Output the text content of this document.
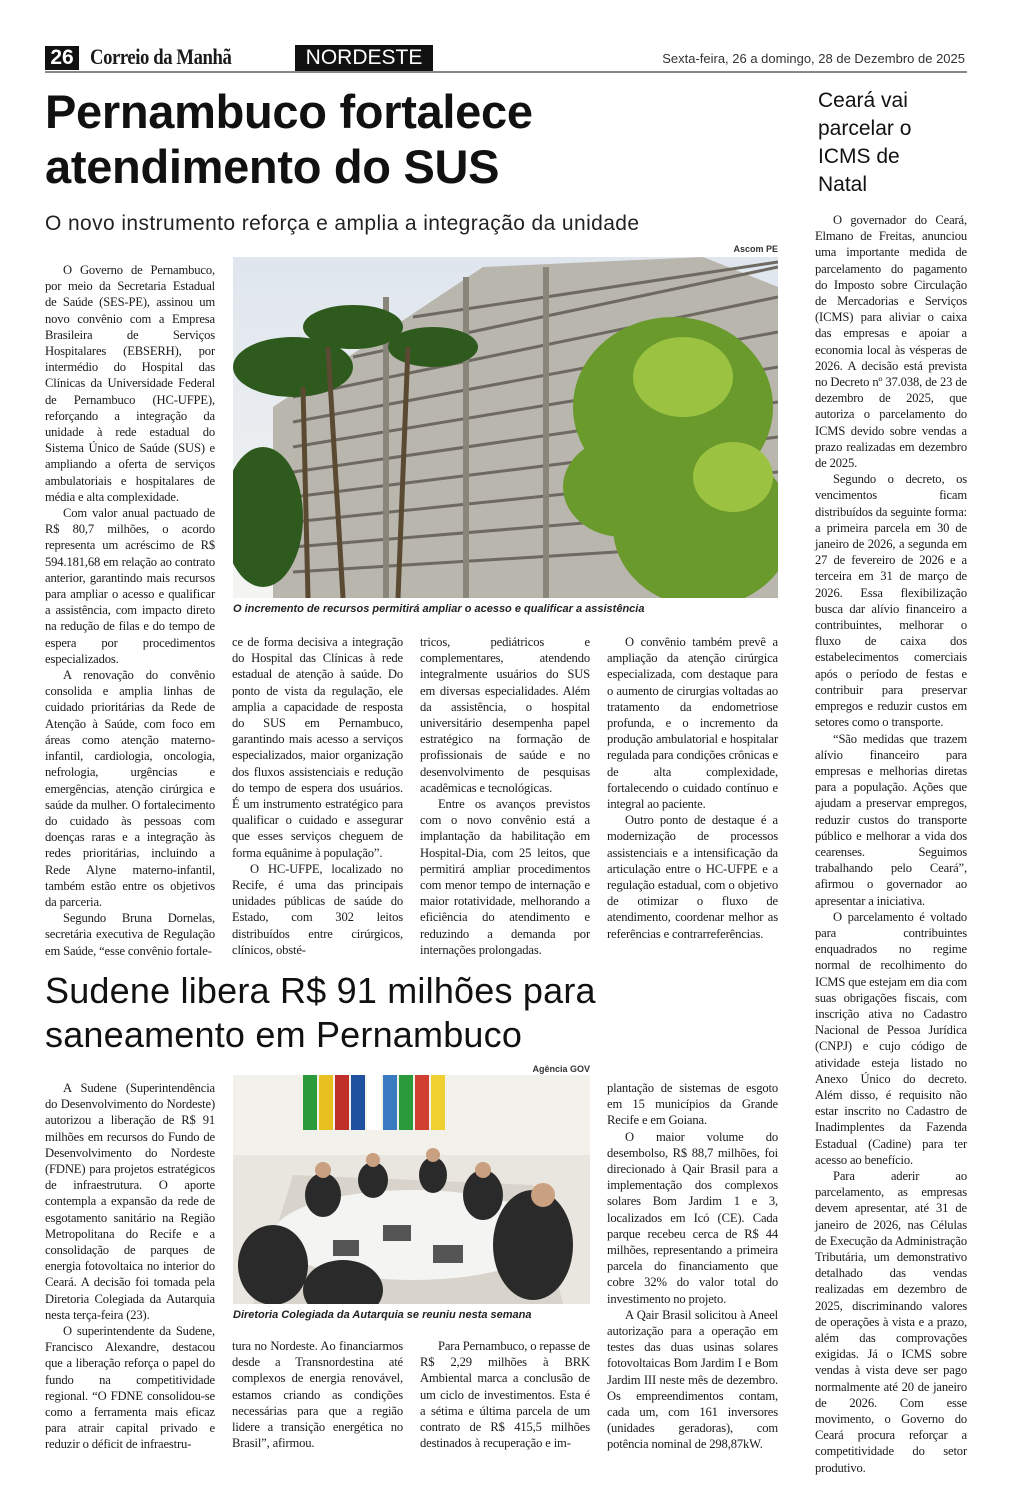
26 Correio da Manhã	NORDESTE	Sexta-feira, 26 a domingo, 28 de Dezembro de 2025
Pernambuco fortalece
atendimento do SUS
O novo instrumento reforça e amplia a integração da unidade
Ascom PE
O incremento de recursos permitirá ampliar o acesso e qualificar a assistência

O Governo de Pernambuco, por meio da Secretaria Estadual de Saúde (SES-PE), assinou um novo convênio com a Empresa Brasileira de Serviços Hospitalares (EBSERH), por intermédio do Hospital das Clínicas da Universidade Federal de Pernambuco (HC-UFPE), reforçando a integração da unidade à rede estadual do Sistema Único de Saúde (SUS) e ampliando a oferta de serviços ambulatoriais e hospitalares de média e alta complexidade.

Com valor anual pactuado de R$ 80,7 milhões, o acordo representa um acréscimo de R$ 594.181,68 em relação ao contrato anterior, garantindo mais recursos para ampliar o acesso e qualificar a assistência, com impacto direto na redução de filas e do tempo de espera por procedimentos especializados.

A renovação do convênio consolida e amplia linhas de cuidado prioritárias da Rede de Atenção à Saúde, com foco em áreas como atenção materno-infantil, cardiologia, oncologia, nefrologia, urgências e emergências, atenção cirúrgica e saúde da mulher. O fortalecimento do cuidado às pessoas com doenças raras e a integração às redes prioritárias, incluindo a Rede Alyne materno-infantil, também estão entre os objetivos da parceria.

Segundo Bruna Dornelas, secretária executiva de Regulação em Saúde, “esse convênio fortale-

ce de forma decisiva a integração do Hospital das Clínicas à rede estadual de atenção à saúde. Do ponto de vista da regulação, ele amplia a capacidade de resposta do SUS em Pernambuco, garantindo mais acesso a serviços especializados, maior organização dos fluxos assistenciais e redução do tempo de espera dos usuários. É um instrumento estratégico para qualificar o cuidado e assegurar que esses serviços cheguem de forma equânime à população”.

O HC-UFPE, localizado no Recife, é uma das principais unidades públicas de saúde do Estado, com 302 leitos distribuídos entre cirúrgicos, clínicos, obsté-

tricos, pediátricos e complementares, atendendo integralmente usuários do SUS em diversas especialidades. Além da assistência, o hospital universitário desempenha papel estratégico na formação de profissionais de saúde e no desenvolvimento de pesquisas acadêmicas e tecnológicas.

Entre os avanços previstos com o novo convênio está a implantação da habilitação em Hospital-Dia, com 25 leitos, que permitirá ampliar procedimentos com menor tempo de internação e maior rotatividade, melhorando a eficiência do atendimento e reduzindo a demanda por internações prolongadas.

O convênio também prevê a ampliação da atenção cirúrgica especializada, com destaque para o aumento de cirurgias voltadas ao tratamento da endometriose profunda, e o incremento da produção ambulatorial e hospitalar regulada para condições crônicas e de alta complexidade, fortalecendo o cuidado contínuo e integral ao paciente.

Outro ponto de destaque é a modernização de processos assistenciais e a intensificação da articulação entre o HC-UFPE e a regulação estadual, com o objetivo de otimizar o fluxo de atendimento, coordenar melhor as referências e contrarreferências.

Ceará vai
parcelar o
ICMS de
Natal

O governador do Ceará, Elmano de Freitas, anunciou uma importante medida de parcelamento do pagamento do Imposto sobre Circulação de Mercadorias e Serviços (ICMS) para aliviar o caixa das empresas e apoiar a economia local às vésperas de 2026. A decisão está prevista no Decreto nº 37.038, de 23 de dezembro de 2025, que autoriza o parcelamento do ICMS devido sobre vendas a prazo realizadas em dezembro de 2025.

Segundo o decreto, os vencimentos ficam distribuídos da seguinte forma: a primeira parcela em 30 de janeiro de 2026, a segunda em 27 de fevereiro de 2026 e a terceira em 31 de março de 2026. Essa flexibilização busca dar alívio financeiro a contribuintes, melhorar o fluxo de caixa dos estabelecimentos comerciais após o período de festas e contribuir para preservar empregos e reduzir custos em setores como o transporte.

“São medidas que trazem alívio financeiro para empresas e melhorias diretas para a população. Ações que ajudam a preservar empregos, reduzir custos do transporte público e melhorar a vida dos cearenses. Seguimos trabalhando pelo Ceará”, afirmou o governador ao apresentar a iniciativa.

O parcelamento é voltado para contribuintes enquadrados no regime normal de recolhimento do ICMS que estejam em dia com suas obrigações fiscais, com inscrição ativa no Cadastro Nacional de Pessoa Jurídica (CNPJ) e cujo código de atividade esteja listado no Anexo Único do decreto. Além disso, é requisito não estar inscrito no Cadastro de Inadimplentes da Fazenda Estadual (Cadine) para ter acesso ao benefício.

Para aderir ao parcelamento, as empresas devem apresentar, até 31 de janeiro de 2026, nas Células de Execução da Administração Tributária, um demonstrativo detalhado das vendas realizadas em dezembro de 2025, discriminando valores de operações à vista e a prazo, além das comprovações exigidas. Já o ICMS sobre vendas à vista deve ser pago normalmente até 20 de janeiro de 2026. Com esse movimento, o Governo do Ceará procura reforçar a competitividade do setor produtivo.

Sudene libera R$ 91 milhões para
saneamento em Pernambuco
Agência GOV
Diretoria Colegiada da Autarquia se reuniu nesta semana

A Sudene (Superintendência do Desenvolvimento do Nordeste) autorizou a liberação de R$ 91 milhões em recursos do Fundo de Desenvolvimento do Nordeste (FDNE) para projetos estratégicos de infraestrutura. O aporte contempla a expansão da rede de esgotamento sanitário na Região Metropolitana do Recife e a consolidação de parques de energia fotovoltaica no interior do Ceará. A decisão foi tomada pela Diretoria Colegiada da Autarquia nesta terça-feira (23).

O superintendente da Sudene, Francisco Alexandre, destacou que a liberação reforça o papel do fundo na competitividade regional. “O FDNE consolidou-se como a ferramenta mais eficaz para atrair capital privado e reduzir o déficit de infraestru-

tura no Nordeste. Ao financiarmos desde a Transnordestina até complexos de energia renovável, estamos criando as condições necessárias para que a região lidere a transição energética no Brasil”, afirmou.

Para Pernambuco, o repasse de R$ 2,29 milhões à BRK Ambiental marca a conclusão de um ciclo de investimentos. Esta é a sétima e última parcela de um contrato de R$ 415,5 milhões destinados à recuperação e im-

plantação de sistemas de esgoto em 15 municípios da Grande Recife e em Goiana.

O maior volume do desembolso, R$ 88,7 milhões, foi direcionado à Qair Brasil para a implementação dos complexos solares Bom Jardim 1 e 3, localizados em Icó (CE). Cada parque recebeu cerca de R$ 44 milhões, representando a primeira parcela do financiamento que cobre 32% do valor total do investimento no projeto.

A Qair Brasil solicitou à Aneel autorização para a operação em testes das duas usinas solares fotovoltaicas Bom Jardim I e Bom Jardim III neste mês de dezembro. Os empreendimentos contam, cada um, com 161 inversores (unidades geradoras), com potência nominal de 298,87kW.
